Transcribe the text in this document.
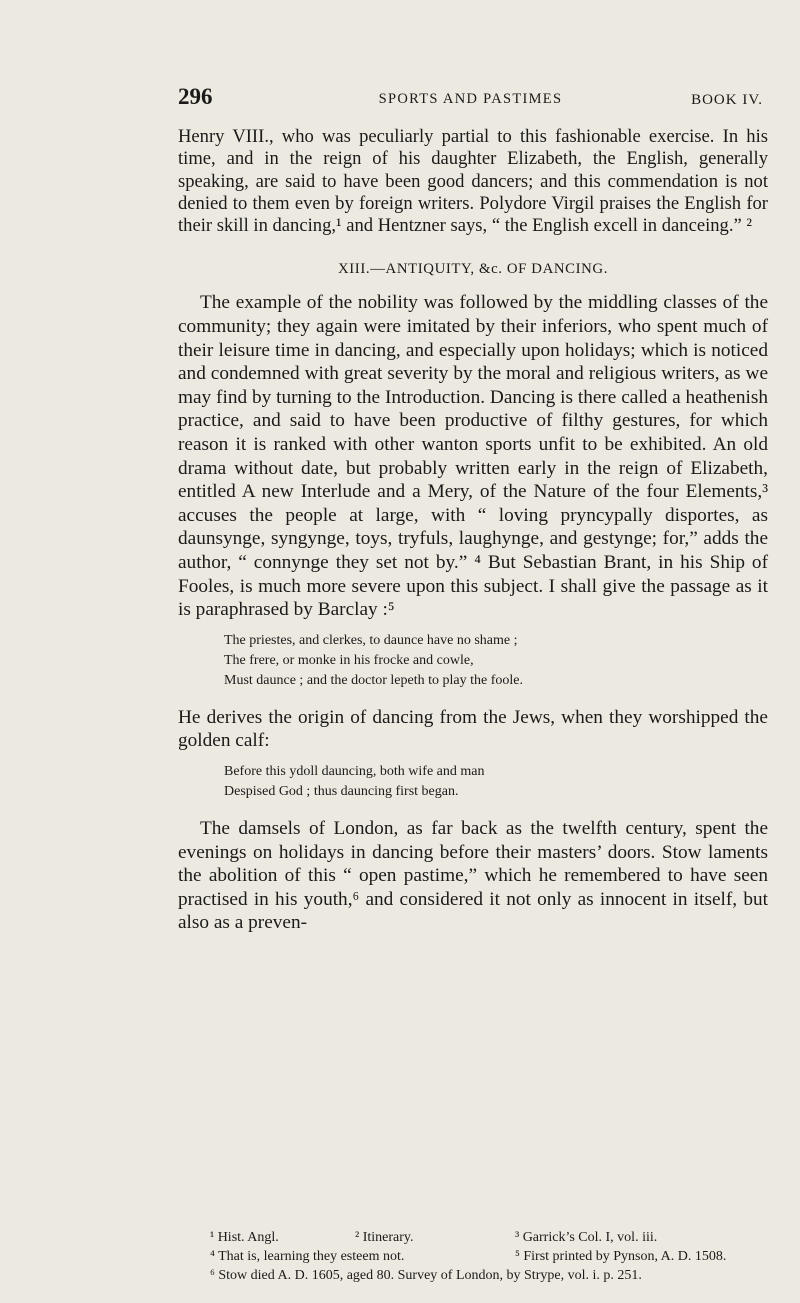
296	SPORTS AND PASTIMES	BOOK IV.

Henry VIII., who was peculiarly partial to this fashionable exercise. In his time, and in the reign of his daughter Elizabeth, the English, generally speaking, are said to have been good dancers; and this commendation is not denied to them even by foreign writers. Polydore Virgil praises the English for their skill in dancing,¹ and Hentzner says, “ the English excell in danceing.” ²

XIII.—ANTIQUITY, &c. OF DANCING.

The example of the nobility was followed by the middling classes of the community; they again were imitated by their inferiors, who spent much of their leisure time in dancing, and especially upon holidays; which is noticed and condemned with great severity by the moral and religious writers, as we may find by turning to the Introduction. Dancing is there called a heathenish practice, and said to have been productive of filthy gestures, for which reason it is ranked with other wanton sports unfit to be exhibited. An old drama without date, but probably written early in the reign of Elizabeth, entitled A new Interlude and a Mery, of the Nature of the four Elements,³ accuses the people at large, with “ loving pryncypally disportes, as daunsynge, syngynge, toys, tryfuls, laughynge, and gestynge; for,” adds the author, “ connynge they set not by.” ⁴ But Sebastian Brant, in his Ship of Fooles, is much more severe upon this subject. I shall give the passage as it is paraphrased by Barclay :⁵

The priestes, and clerkes, to daunce have no shame ;
The frere, or monke in his frocke and cowle,
Must daunce ; and the doctor lepeth to play the foole.

He derives the origin of dancing from the Jews, when they worshipped the golden calf:

Before this ydoll dauncing, both wife and man
Despised God ; thus dauncing first began.

The damsels of London, as far back as the twelfth century, spent the evenings on holidays in dancing before their masters’ doors. Stow laments the abolition of this “ open pastime,” which he remembered to have seen practised in his youth,⁶ and considered it not only as innocent in itself, but also as a preven-

¹ Hist. Angl.	² Itinerary.	³ Garrick’s Col. I, vol. iii.
⁴ That is, learning they esteem not.	⁵ First printed by Pynson, A. D. 1508.
⁶ Stow died A. D. 1605, aged 80. Survey of London, by Strype, vol. i. p. 251.
